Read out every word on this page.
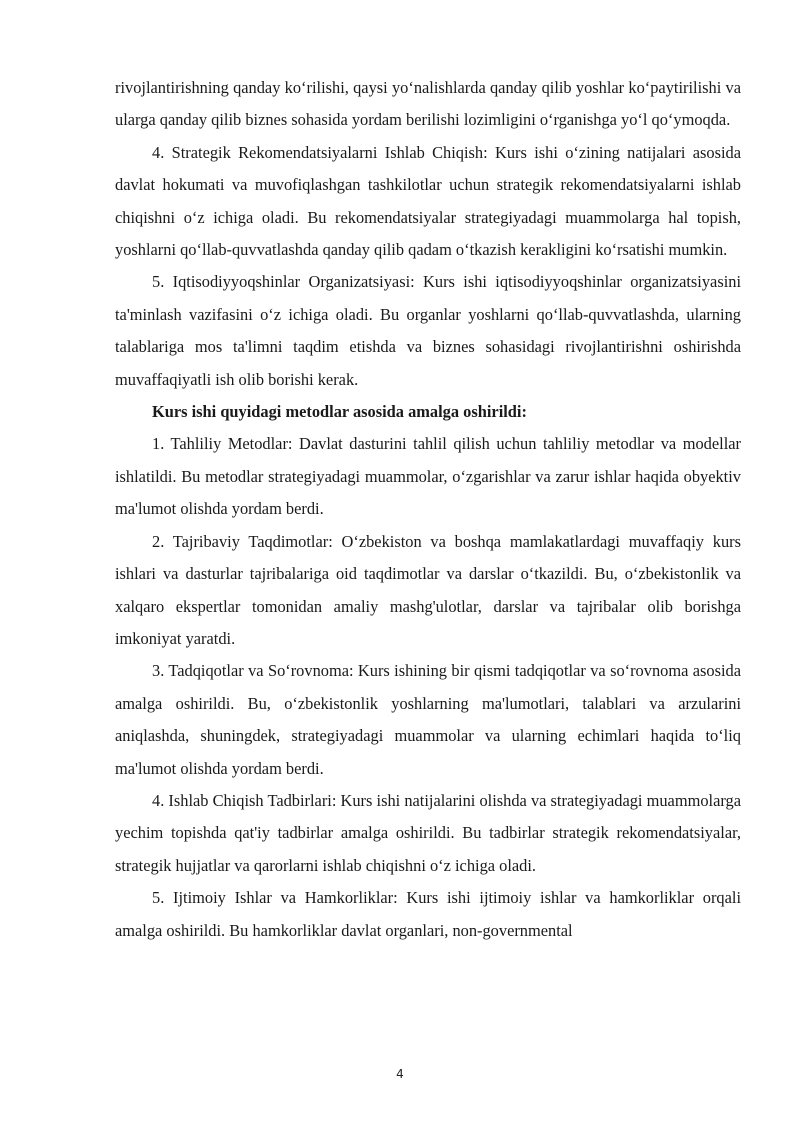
rivojlantirishning qanday ko‘rilishi, qaysi yo‘nalishlarda qanday qilib yoshlar ko‘paytirilishi va ularga qanday qilib biznes sohasida yordam berilishi lozimligini o‘rganishga yo‘l qo‘ymoqda.

4. Strategik Rekomendatsiyalarni Ishlab Chiqish: Kurs ishi o‘zining natijalari asosida davlat hokumati va muvofiqlashgan tashkilotlar uchun strategik rekomendatsiyalarni ishlab chiqishni o‘z ichiga oladi. Bu rekomendatsiyalar strategiyadagi muammolarga hal topish, yoshlarni qo‘llab-quvvatlashda qanday qilib qadam o‘tkazish kerakligini ko‘rsatishi mumkin.

5. Iqtisodiyyoqshinlar Organizatsiyasi: Kurs ishi iqtisodiyyoqshinlar organizatsiyasini ta'minlash vazifasini o‘z ichiga oladi. Bu organlar yoshlarni qo‘llab-quvvatlashda, ularning talablariga mos ta'limni taqdim etishda va biznes sohasidagi rivojlantirishni oshirishda muvaffaqiyatli ish olib borishi kerak.

Kurs ishi quyidagi metodlar asosida amalga oshirildi:

1. Tahliliy Metodlar: Davlat dasturini tahlil qilish uchun tahliliy metodlar va modellar ishlatildi. Bu metodlar strategiyadagi muammolar, o‘zgarishlar va zarur ishlar haqida obyektiv ma'lumot olishda yordam berdi.

2. Tajribaviy Taqdimotlar: O‘zbekiston va boshqa mamlakatlardagi muvaffaqiy kurs ishlari va dasturlar tajribalariga oid taqdimotlar va darslar o‘tkazildi. Bu, o‘zbekistonlik va xalqaro ekspertlar tomonidan amaliy mashg'ulotlar, darslar va tajribalar olib borishga imkoniyat yaratdi.

3. Tadqiqotlar va So‘rovnoma: Kurs ishining bir qismi tadqiqotlar va so‘rovnoma asosida amalga oshirildi. Bu, o‘zbekistonlik yoshlarning ma'lumotlari, talablari va arzularini aniqlashda, shuningdek, strategiyadagi muammolar va ularning echimlari haqida to‘liq ma'lumot olishda yordam berdi.

4. Ishlab Chiqish Tadbirlari: Kurs ishi natijalarini olishda va strategiyadagi muammolarga yechim topishda qat'iy tadbirlar amalga oshirildi. Bu tadbirlar strategik rekomendatsiyalar, strategik hujjatlar va qarorlarni ishlab chiqishni o‘z ichiga oladi.

5. Ijtimoiy Ishlar va Hamkorliklar: Kurs ishi ijtimoiy ishlar va hamkorliklar orqali amalga oshirildi. Bu hamkorliklar davlat organlari, non-governmental

4
